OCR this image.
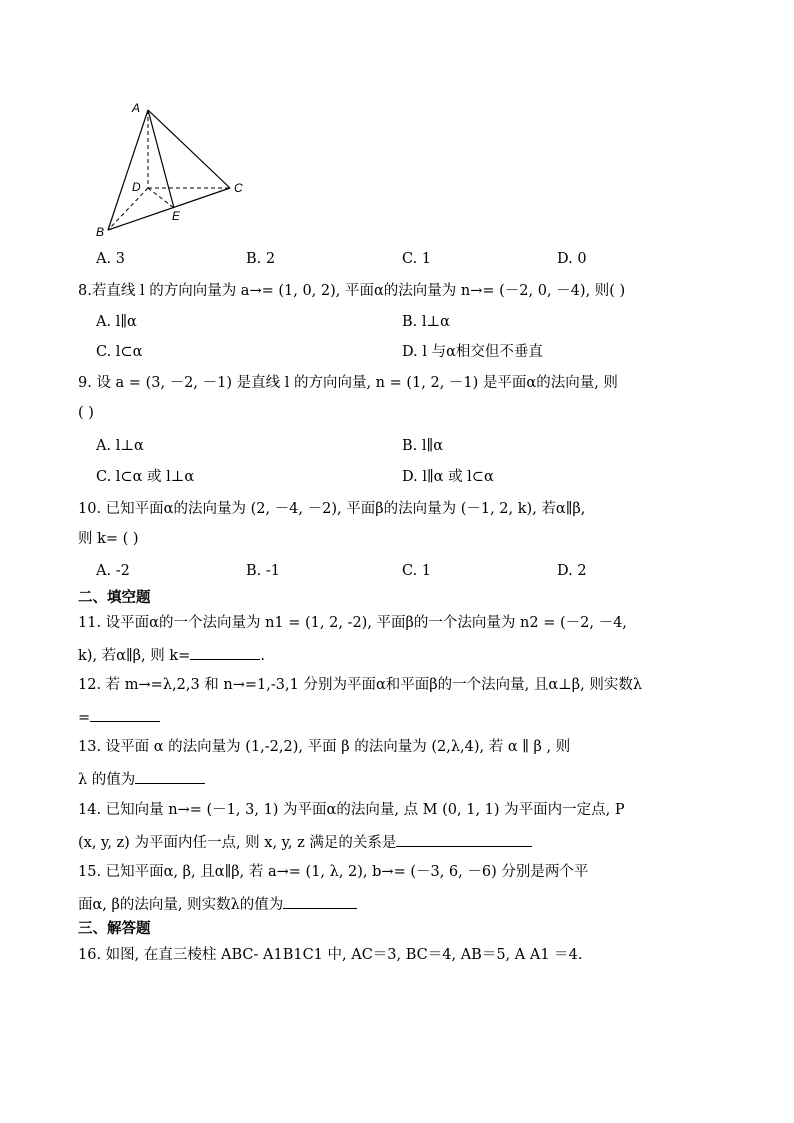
A
B
C
D
E
A. 3	B. 2	C. 1	D. 0
8.若直线 l 的方向向量为 a→= (1, 0, 2), 平面α的法向量为 n→= (－2, 0, －4), 则( )
A. l∥α	B. l⊥α
C. l⊂α	D. l 与α相交但不垂直
9. 设 a = (3, －2, －1) 是直线 l 的方向向量, n = (1, 2, －1) 是平面α的法向量, 则
( )
A. l⊥α	B. l∥α
C. l⊂α 或 l⊥α	D. l∥α 或 l⊂α
10. 已知平面α的法向量为 (2, －4, －2), 平面β的法向量为 (－1, 2, k), 若α∥β,
则 k= ( )
A. -2	B. -1	C. 1	D. 2
二、填空题
11. 设平面α的一个法向量为 n1 = (1, 2, -2), 平面β的一个法向量为 n2 = (－2, －4,
k), 若α∥β, 则 k=	.
12. 若 m→=λ,2,3 和 n→=1,-3,1 分别为平面α和平面β的一个法向量, 且α⊥β, 则实数λ
=
13. 设平面 α 的法向量为 (1,-2,2), 平面 β 的法向量为 (2,λ,4), 若 α ∥ β , 则
λ 的值为
14. 已知向量 n→= (－1, 3, 1) 为平面α的法向量, 点 M (0, 1, 1) 为平面内一定点, P
(x, y, z) 为平面内任一点, 则 x, y, z 满足的关系是
15. 已知平面α, β, 且α∥β, 若 a→= (1, λ, 2), b→= (－3, 6, －6) 分别是两个平
面α, β的法向量, 则实数λ的值为
三、解答题
16. 如图, 在直三棱柱 ABC- A1B1C1 中, AC＝3, BC＝4, AB＝5, A A1 ＝4.
